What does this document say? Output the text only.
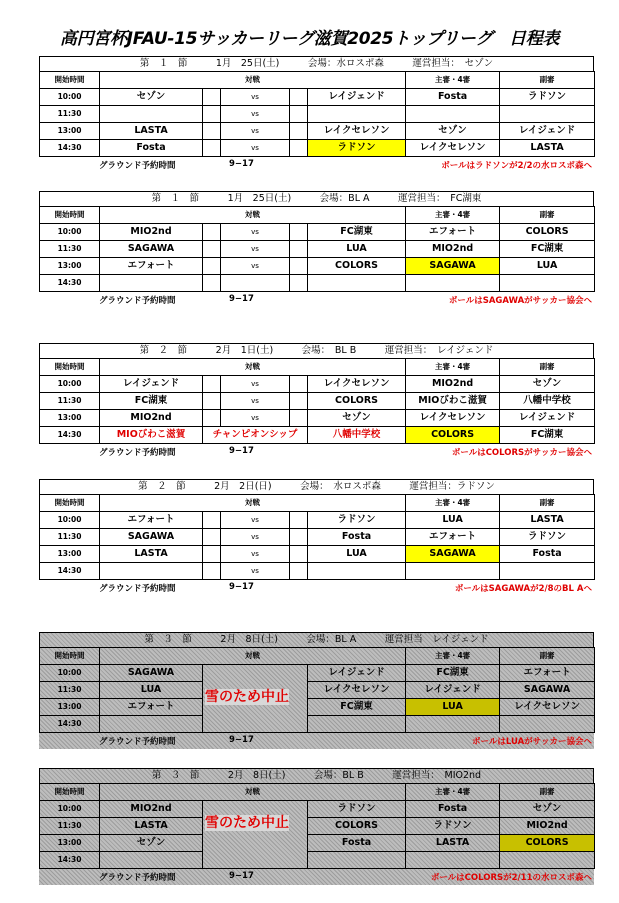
高円宮杯JFAU-15サッカーリーグ滋賀2025トップリーグ　日程表
第　１　節　　　1月　25日(土)　　　会場：水ロスポ森　　　運営担当：　セゾン
開始時間	対戦					主審・4審	副審
10:00	セゾン		vs		レイジェンド	Fosta	ラドソン
11:30			vs				
13:00	LASTA		vs		レイクセレソン	セゾン	レイジェンド
14:30	Fosta		vs		ラドソン	レイクセレソン	LASTA
グラウンド予約時間	9−17	ボールはラドソンが2/2の水ロスポ森へ
第　１　節　　　1月　25日(土)　　　会場：BL A　　　運営担当：　FC湖東
開始時間	対戦					主審・4審	副審
10:00	MIO2nd		vs		FC湖東	エフォート	COLORS
11:30	SAGAWA		vs		LUA	MIO2nd	FC湖東
13:00	エフォート		vs		COLORS	SAGAWA	LUA
14:30							
グラウンド予約時間	9−17	ボールはSAGAWAがサッカー協会へ
第　２　節　　　2月　1日(土)　　　会場：　BL B　　　運営担当：　レイジェンド
開始時間	対戦					主審・4審	副審
10:00	レイジェンド		vs		レイクセレソン	MIO2nd	セゾン
11:30	FC湖東		vs		COLORS	MIOびわこ滋賀	八幡中学校
13:00	MIO2nd		vs		セゾン	レイクセレソン	レイジェンド
14:30	MIOびわこ滋賀	チャンピオンシップ			八幡中学校	COLORS	FC湖東
グラウンド予約時間	9−17	ボールはCOLORSがサッカー協会へ
第　２　節　　　2月　2日(日)　　　会場：　水ロスポ森　　　運営担当：ラドソン
開始時間	対戦					主審・4審	副審
10:00	エフォート		vs		ラドソン	LUA	LASTA
11:30	SAGAWA		vs		Fosta	エフォート	ラドソン
13:00	LASTA		vs		LUA	SAGAWA	Fosta
14:30			vs				
グラウンド予約時間	9−17	ボールはSAGAWAが2/8のBL Aへ
第　３　節　　　2月　8日(土)　　　会場：BL A　　　運営担当　レイジェンド
開始時間	対戦			主審・4審	副審
10:00	SAGAWA	雪のため中止	レイジェンド	FC湖東	エフォート
11:30	LUA		レイクセレソン	レイジェンド	SAGAWA
13:00	エフォート		FC湖東	LUA	レイクセレソン
14:30					
グラウンド予約時間	9−17	ボールはLUAがサッカー協会へ
第　３　節　　　2月　8日(土)　　　会場：BL B　　　運営担当：　MIO2nd
開始時間	対戦			主審・4審	副審
10:00	MIO2nd	雪のため中止	ラドソン	Fosta	セゾン
11:30	LASTA		COLORS	ラドソン	MIO2nd
13:00	セゾン		Fosta	LASTA	COLORS
14:30					
グラウンド予約時間	9−17	ボールはCOLORSが2/11の水ロスポ森へ
